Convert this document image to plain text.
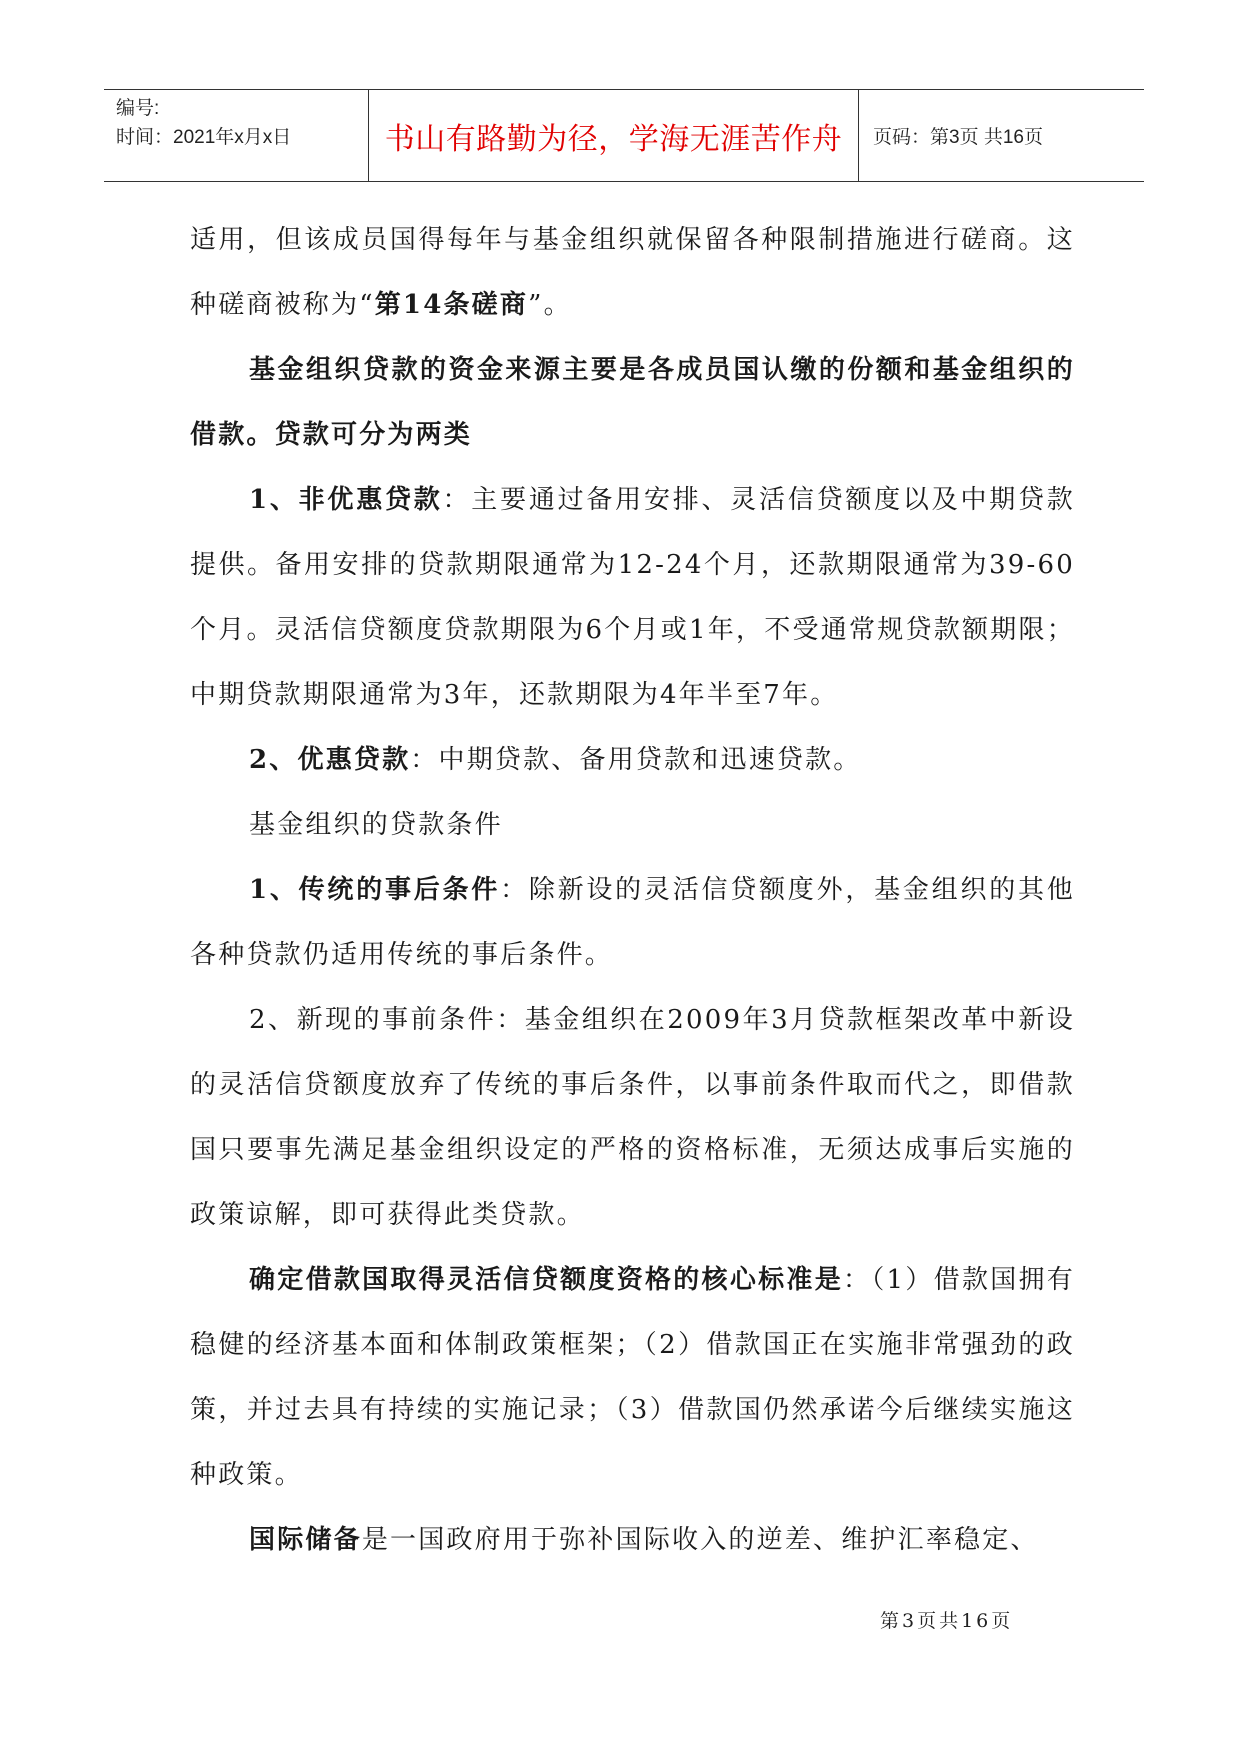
编号:
时间：2021年x月x日	书山有路勤为径，学海无涯苦作舟	页码：第3页 共16页

适用，但该成员国得每年与基金组织就保留各种限制措施进行磋商。这种磋商被称为“第14条磋商”。

基金组织贷款的资金来源主要是各成员国认缴的份额和基金组织的借款。贷款可分为两类

1、非优惠贷款：主要通过备用安排、灵活信贷额度以及中期贷款提供。备用安排的贷款期限通常为12-24个月，还款期限通常为39-60个月。灵活信贷额度贷款期限为6个月或1年，不受通常规贷款额期限；中期贷款期限通常为3年，还款期限为4年半至7年。

2、优惠贷款：中期贷款、备用贷款和迅速贷款。

基金组织的贷款条件

1、传统的事后条件：除新设的灵活信贷额度外，基金组织的其他各种贷款仍适用传统的事后条件。

2、新现的事前条件：基金组织在2009年3月贷款框架改革中新设的灵活信贷额度放弃了传统的事后条件，以事前条件取而代之，即借款国只要事先满足基金组织设定的严格的资格标准，无须达成事后实施的政策谅解，即可获得此类贷款。

确定借款国取得灵活信贷额度资格的核心标准是：（1）借款国拥有稳健的经济基本面和体制政策框架；（2）借款国正在实施非常强劲的政策，并过去具有持续的实施记录；（3）借款国仍然承诺今后继续实施这种政策。

国际储备是一国政府用于弥补国际收入的逆差、维护汇率稳定、

第3页共16页
